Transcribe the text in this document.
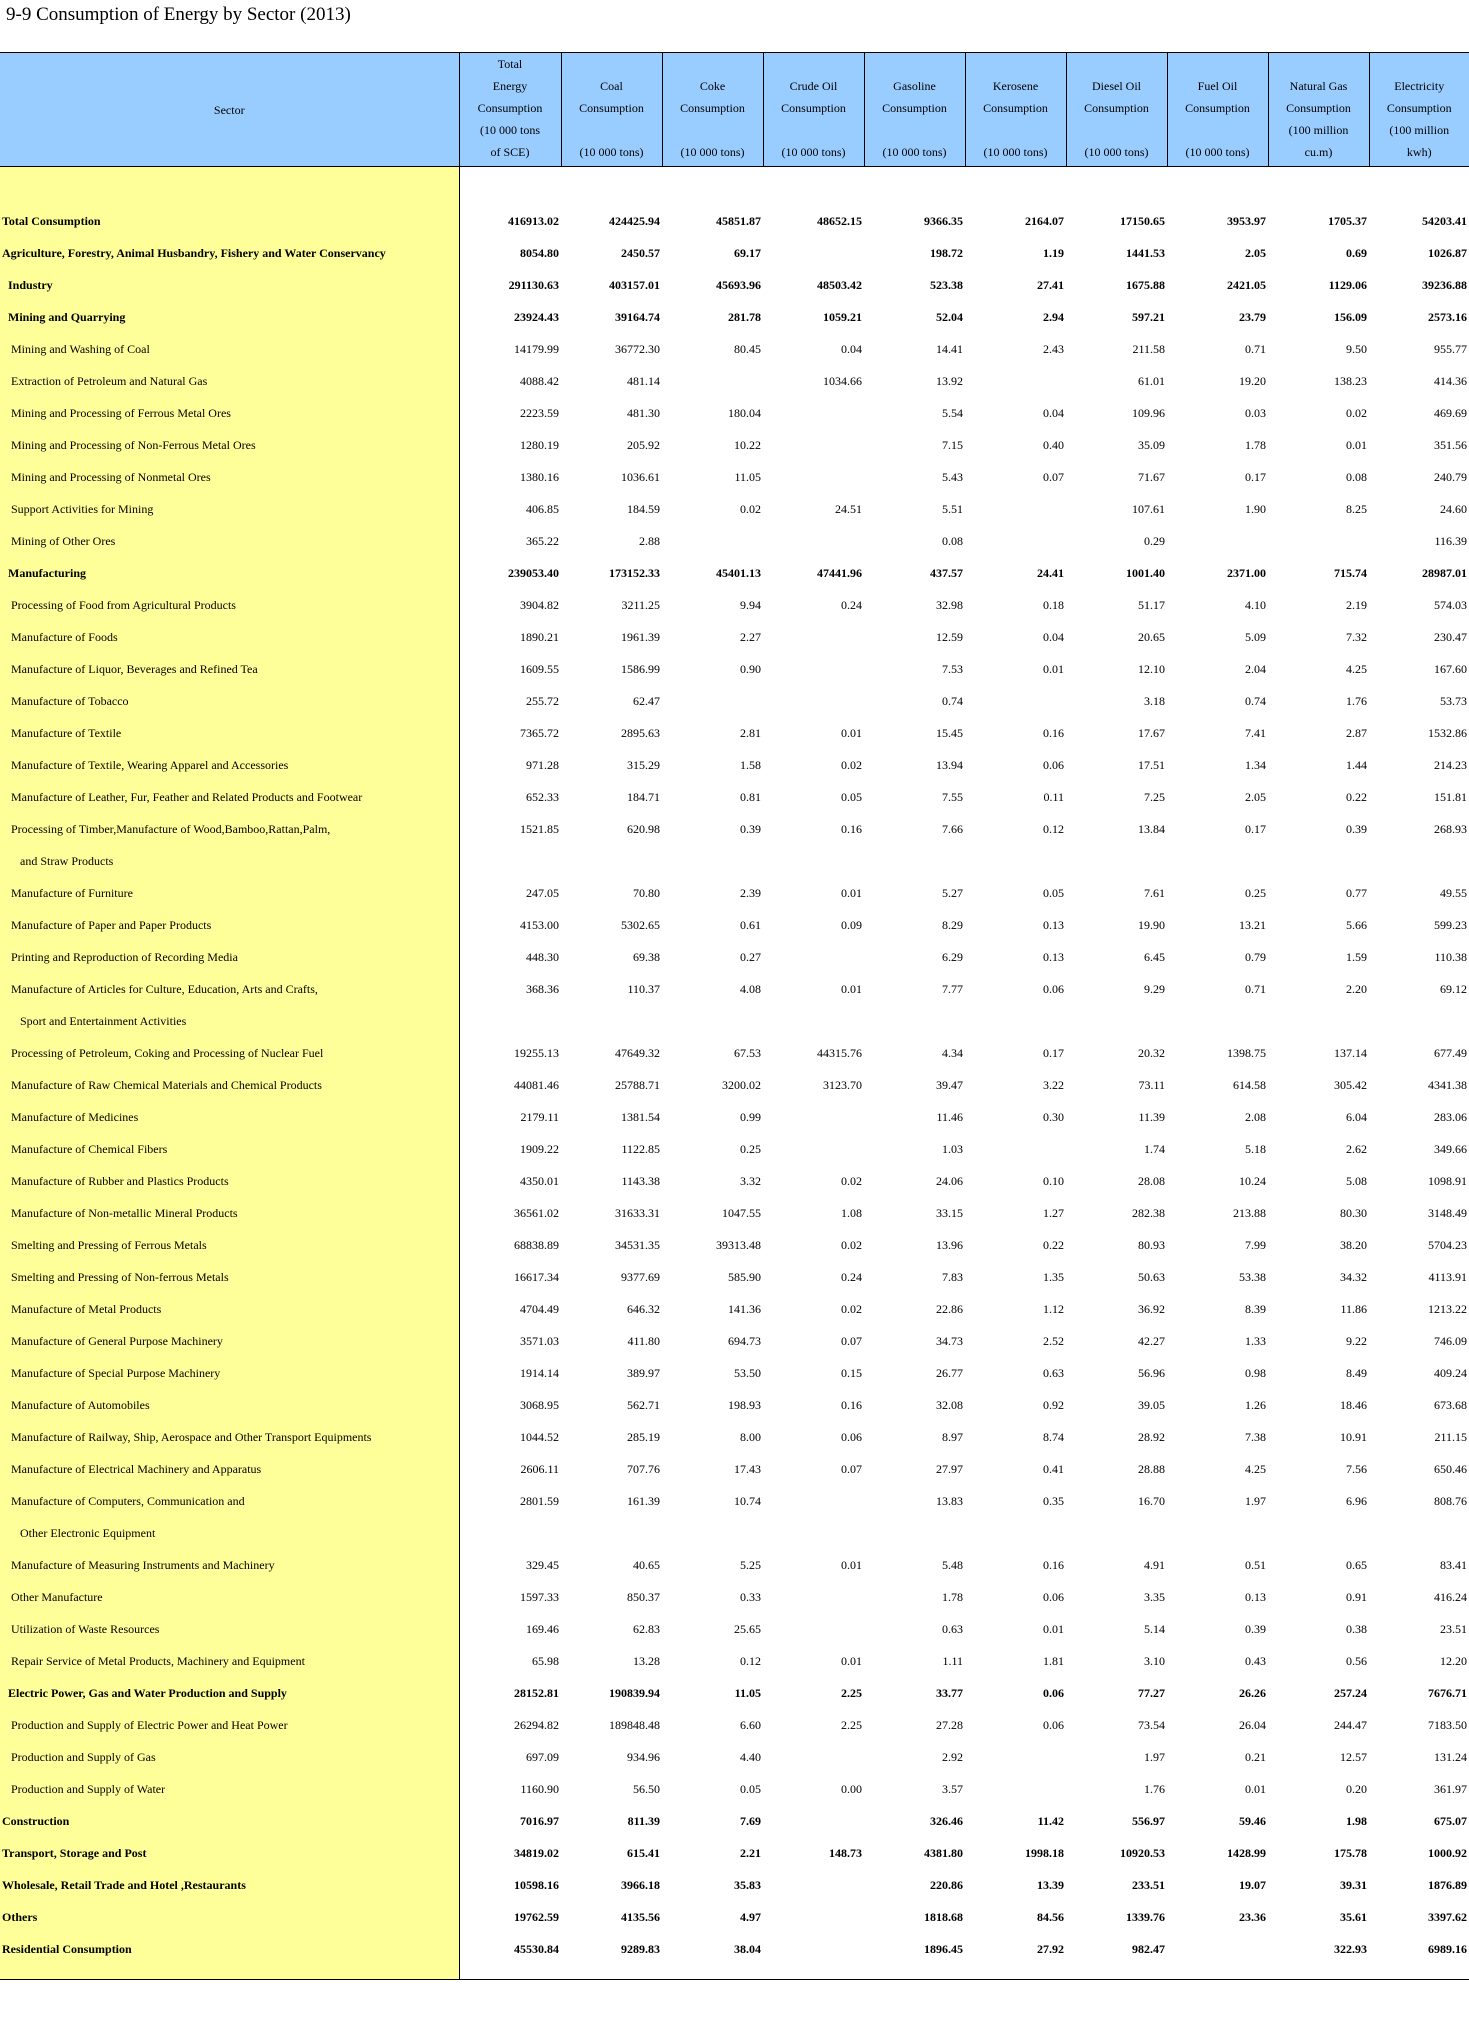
9-9 Consumption of Energy by Sector (2013)
Sector	Total
Energy
Consumption
(10 000 tons
of SCE)	Coal
Consumption

(10 000 tons)	Coke
Consumption

(10 000 tons)	Crude Oil
Consumption

(10 000 tons)	Gasoline
Consumption

(10 000 tons)	Kerosene
Consumption

(10 000 tons)	Diesel Oil
Consumption

(10 000 tons)	Fuel Oil
Consumption

(10 000 tons)	Natural Gas
Consumption
(100 million
cu.m)	Electricity
Consumption
(100 million
kwh)

Total Consumption	416913.02	424425.94	45851.87	48652.15	9366.35	2164.07	17150.65	3953.97	1705.37	54203.41
Agriculture, Forestry, Animal Husbandry, Fishery and Water Conservancy	8054.80	2450.57	69.17		198.72	1.19	1441.53	2.05	0.69	1026.87
Industry	291130.63	403157.01	45693.96	48503.42	523.38	27.41	1675.88	2421.05	1129.06	39236.88
Mining and Quarrying	23924.43	39164.74	281.78	1059.21	52.04	2.94	597.21	23.79	156.09	2573.16
Mining and Washing of Coal	14179.99	36772.30	80.45	0.04	14.41	2.43	211.58	0.71	9.50	955.77
Extraction of Petroleum and Natural Gas	4088.42	481.14		1034.66	13.92		61.01	19.20	138.23	414.36
Mining and Processing of Ferrous Metal Ores	2223.59	481.30	180.04		5.54	0.04	109.96	0.03	0.02	469.69
Mining and Processing of Non-Ferrous Metal Ores	1280.19	205.92	10.22		7.15	0.40	35.09	1.78	0.01	351.56
Mining and Processing of Nonmetal Ores	1380.16	1036.61	11.05		5.43	0.07	71.67	0.17	0.08	240.79
Support Activities for Mining	406.85	184.59	0.02	24.51	5.51		107.61	1.90	8.25	24.60
Mining of Other Ores	365.22	2.88			0.08		0.29			116.39
Manufacturing	239053.40	173152.33	45401.13	47441.96	437.57	24.41	1001.40	2371.00	715.74	28987.01
Processing of Food from Agricultural Products	3904.82	3211.25	9.94	0.24	32.98	0.18	51.17	4.10	2.19	574.03
Manufacture of Foods	1890.21	1961.39	2.27		12.59	0.04	20.65	5.09	7.32	230.47
Manufacture of Liquor, Beverages and Refined Tea	1609.55	1586.99	0.90		7.53	0.01	12.10	2.04	4.25	167.60
Manufacture of Tobacco	255.72	62.47			0.74		3.18	0.74	1.76	53.73
Manufacture of Textile	7365.72	2895.63	2.81	0.01	15.45	0.16	17.67	7.41	2.87	1532.86
Manufacture of Textile, Wearing Apparel and Accessories	971.28	315.29	1.58	0.02	13.94	0.06	17.51	1.34	1.44	214.23
Manufacture of Leather, Fur, Feather and Related Products and Footwear	652.33	184.71	0.81	0.05	7.55	0.11	7.25	2.05	0.22	151.81
Processing of Timber,Manufacture of Wood,Bamboo,Rattan,Palm,	1521.85	620.98	0.39	0.16	7.66	0.12	13.84	0.17	0.39	268.93
and Straw Products										
Manufacture of Furniture	247.05	70.80	2.39	0.01	5.27	0.05	7.61	0.25	0.77	49.55
Manufacture of Paper and Paper Products	4153.00	5302.65	0.61	0.09	8.29	0.13	19.90	13.21	5.66	599.23
Printing and Reproduction of Recording Media	448.30	69.38	0.27		6.29	0.13	6.45	0.79	1.59	110.38
Manufacture of Articles for Culture, Education, Arts and Crafts,	368.36	110.37	4.08	0.01	7.77	0.06	9.29	0.71	2.20	69.12
Sport and Entertainment Activities										
Processing of Petroleum, Coking and Processing of Nuclear Fuel	19255.13	47649.32	67.53	44315.76	4.34	0.17	20.32	1398.75	137.14	677.49
Manufacture of Raw Chemical Materials and Chemical Products	44081.46	25788.71	3200.02	3123.70	39.47	3.22	73.11	614.58	305.42	4341.38
Manufacture of Medicines	2179.11	1381.54	0.99		11.46	0.30	11.39	2.08	6.04	283.06
Manufacture of Chemical Fibers	1909.22	1122.85	0.25		1.03		1.74	5.18	2.62	349.66
Manufacture of Rubber and Plastics Products	4350.01	1143.38	3.32	0.02	24.06	0.10	28.08	10.24	5.08	1098.91
Manufacture of Non-metallic Mineral Products	36561.02	31633.31	1047.55	1.08	33.15	1.27	282.38	213.88	80.30	3148.49
Smelting and Pressing of Ferrous Metals	68838.89	34531.35	39313.48	0.02	13.96	0.22	80.93	7.99	38.20	5704.23
Smelting and Pressing of Non-ferrous Metals	16617.34	9377.69	585.90	0.24	7.83	1.35	50.63	53.38	34.32	4113.91
Manufacture of Metal Products	4704.49	646.32	141.36	0.02	22.86	1.12	36.92	8.39	11.86	1213.22
Manufacture of General Purpose Machinery	3571.03	411.80	694.73	0.07	34.73	2.52	42.27	1.33	9.22	746.09
Manufacture of Special Purpose Machinery	1914.14	389.97	53.50	0.15	26.77	0.63	56.96	0.98	8.49	409.24
Manufacture of Automobiles	3068.95	562.71	198.93	0.16	32.08	0.92	39.05	1.26	18.46	673.68
Manufacture of Railway, Ship, Aerospace and Other Transport Equipments	1044.52	285.19	8.00	0.06	8.97	8.74	28.92	7.38	10.91	211.15
Manufacture of Electrical Machinery and Apparatus	2606.11	707.76	17.43	0.07	27.97	0.41	28.88	4.25	7.56	650.46
Manufacture of Computers, Communication and	2801.59	161.39	10.74		13.83	0.35	16.70	1.97	6.96	808.76
Other Electronic Equipment										
Manufacture of Measuring Instruments and Machinery	329.45	40.65	5.25	0.01	5.48	0.16	4.91	0.51	0.65	83.41
Other Manufacture	1597.33	850.37	0.33		1.78	0.06	3.35	0.13	0.91	416.24
Utilization of Waste Resources	169.46	62.83	25.65		0.63	0.01	5.14	0.39	0.38	23.51
Repair Service of Metal Products, Machinery and Equipment	65.98	13.28	0.12	0.01	1.11	1.81	3.10	0.43	0.56	12.20
Electric Power, Gas and Water Production and Supply	28152.81	190839.94	11.05	2.25	33.77	0.06	77.27	26.26	257.24	7676.71
Production and Supply of Electric Power and Heat Power	26294.82	189848.48	6.60	2.25	27.28	0.06	73.54	26.04	244.47	7183.50
Production and Supply of Gas	697.09	934.96	4.40		2.92		1.97	0.21	12.57	131.24
Production and Supply of Water	1160.90	56.50	0.05	0.00	3.57		1.76	0.01	0.20	361.97
Construction	7016.97	811.39	7.69		326.46	11.42	556.97	59.46	1.98	675.07
Transport, Storage and Post	34819.02	615.41	2.21	148.73	4381.80	1998.18	10920.53	1428.99	175.78	1000.92
Wholesale, Retail Trade and Hotel ,Restaurants	10598.16	3966.18	35.83		220.86	13.39	233.51	19.07	39.31	1876.89
Others	19762.59	4135.56	4.97		1818.68	84.56	1339.76	23.36	35.61	3397.62
Residential Consumption	45530.84	9289.83	38.04		1896.45	27.92	982.47		322.93	6989.16
